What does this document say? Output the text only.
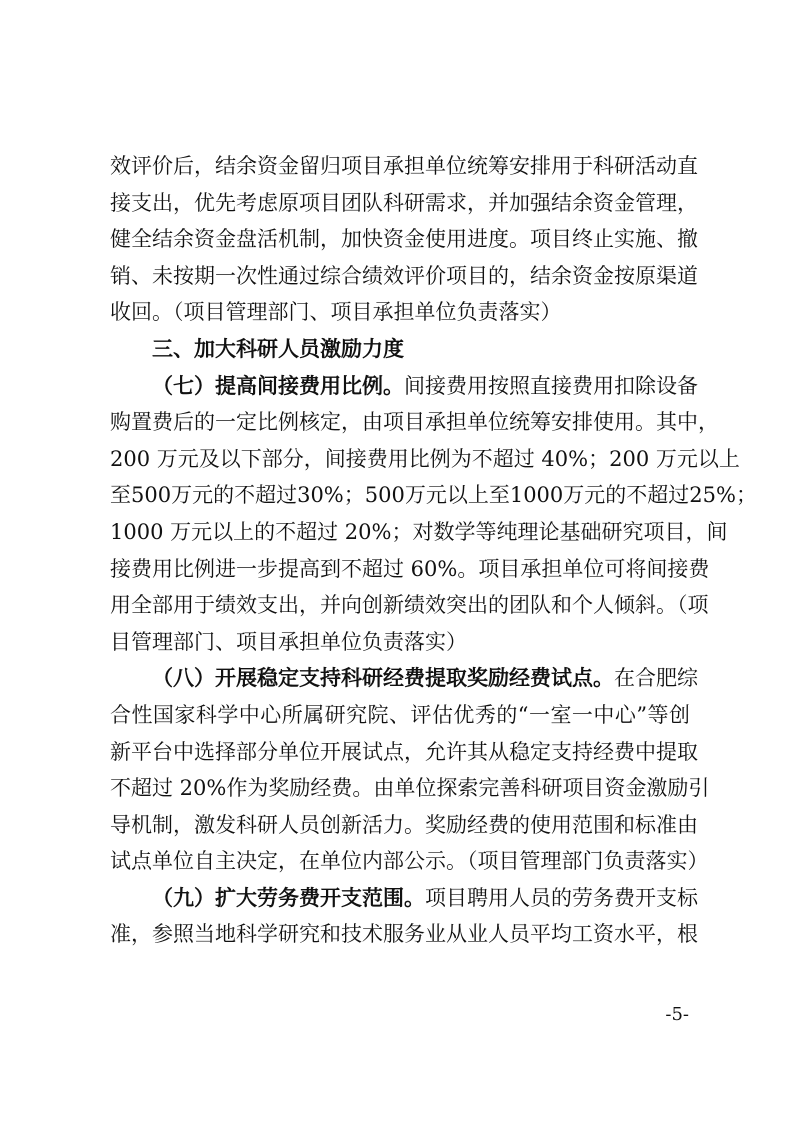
效评价后，结余资金留归项目承担单位统筹安排用于科研活动直
接支出，优先考虑原项目团队科研需求，并加强结余资金管理，
健全结余资金盘活机制，加快资金使用进度。项目终止实施、撤
销、未按期一次性通过综合绩效评价项目的，结余资金按原渠道
收回。（项目管理部门、项目承担单位负责落实）
三、加大科研人员激励力度
（七）提高间接费用比例。间接费用按照直接费用扣除设备
购置费后的一定比例核定，由项目承担单位统筹安排使用。其中，
200 万元及以下部分，间接费用比例为不超过 40%；200 万元以上
至500万元的不超过30%；500万元以上至1000万元的不超过25%；
1000 万元以上的不超过 20%；对数学等纯理论基础研究项目，间
接费用比例进一步提高到不超过 60%。项目承担单位可将间接费
用全部用于绩效支出，并向创新绩效突出的团队和个人倾斜。（项
目管理部门、项目承担单位负责落实）
（八）开展稳定支持科研经费提取奖励经费试点。在合肥综
合性国家科学中心所属研究院、评估优秀的“一室一中心”等创
新平台中选择部分单位开展试点，允许其从稳定支持经费中提取
不超过 20%作为奖励经费。由单位探索完善科研项目资金激励引
导机制，激发科研人员创新活力。奖励经费的使用范围和标准由
试点单位自主决定，在单位内部公示。（项目管理部门负责落实）
（九）扩大劳务费开支范围。项目聘用人员的劳务费开支标
准，参照当地科学研究和技术服务业从业人员平均工资水平，根
-5-
